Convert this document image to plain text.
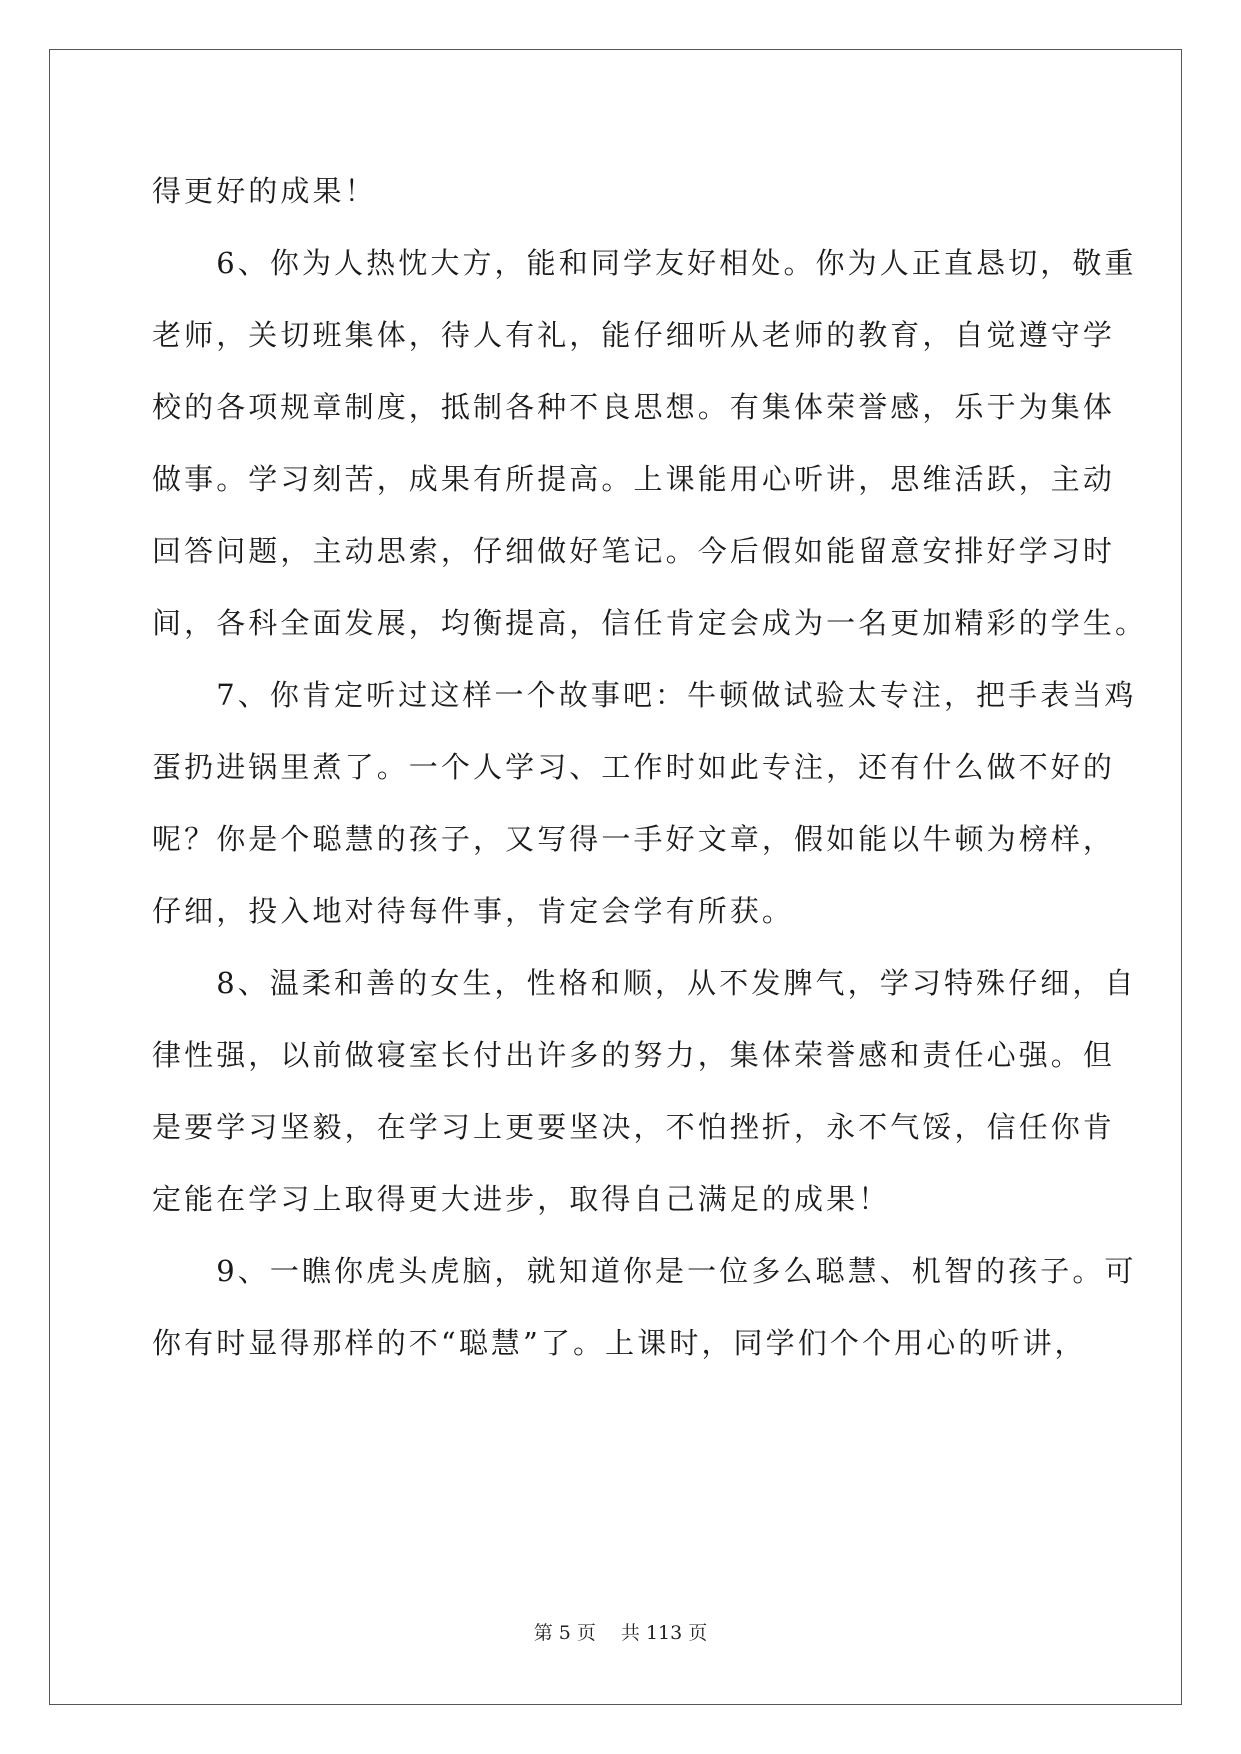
得更好的成果！
　　6、你为人热忱大方，能和同学友好相处。你为人正直恳切，敬重
老师，关切班集体，待人有礼，能仔细听从老师的教育，自觉遵守学
校的各项规章制度，抵制各种不良思想。有集体荣誉感，乐于为集体
做事。学习刻苦，成果有所提高。上课能用心听讲，思维活跃，主动
回答问题，主动思索，仔细做好笔记。今后假如能留意安排好学习时
间，各科全面发展，均衡提高，信任肯定会成为一名更加精彩的学生。
　　7、你肯定听过这样一个故事吧：牛顿做试验太专注，把手表当鸡
蛋扔进锅里煮了。一个人学习、工作时如此专注，还有什么做不好的
呢？你是个聪慧的孩子，又写得一手好文章，假如能以牛顿为榜样，
仔细，投入地对待每件事，肯定会学有所获。
　　8、温柔和善的女生，性格和顺，从不发脾气，学习特殊仔细，自
律性强，以前做寝室长付出许多的努力，集体荣誉感和责任心强。但
是要学习坚毅，在学习上更要坚决，不怕挫折，永不气馁，信任你肯
定能在学习上取得更大进步，取得自己满足的成果！
　　9、一瞧你虎头虎脑，就知道你是一位多么聪慧、机智的孩子。可
你有时显得那样的不“聪慧”了。上课时，同学们个个用心的听讲，
第 5 页　 共 113 页
